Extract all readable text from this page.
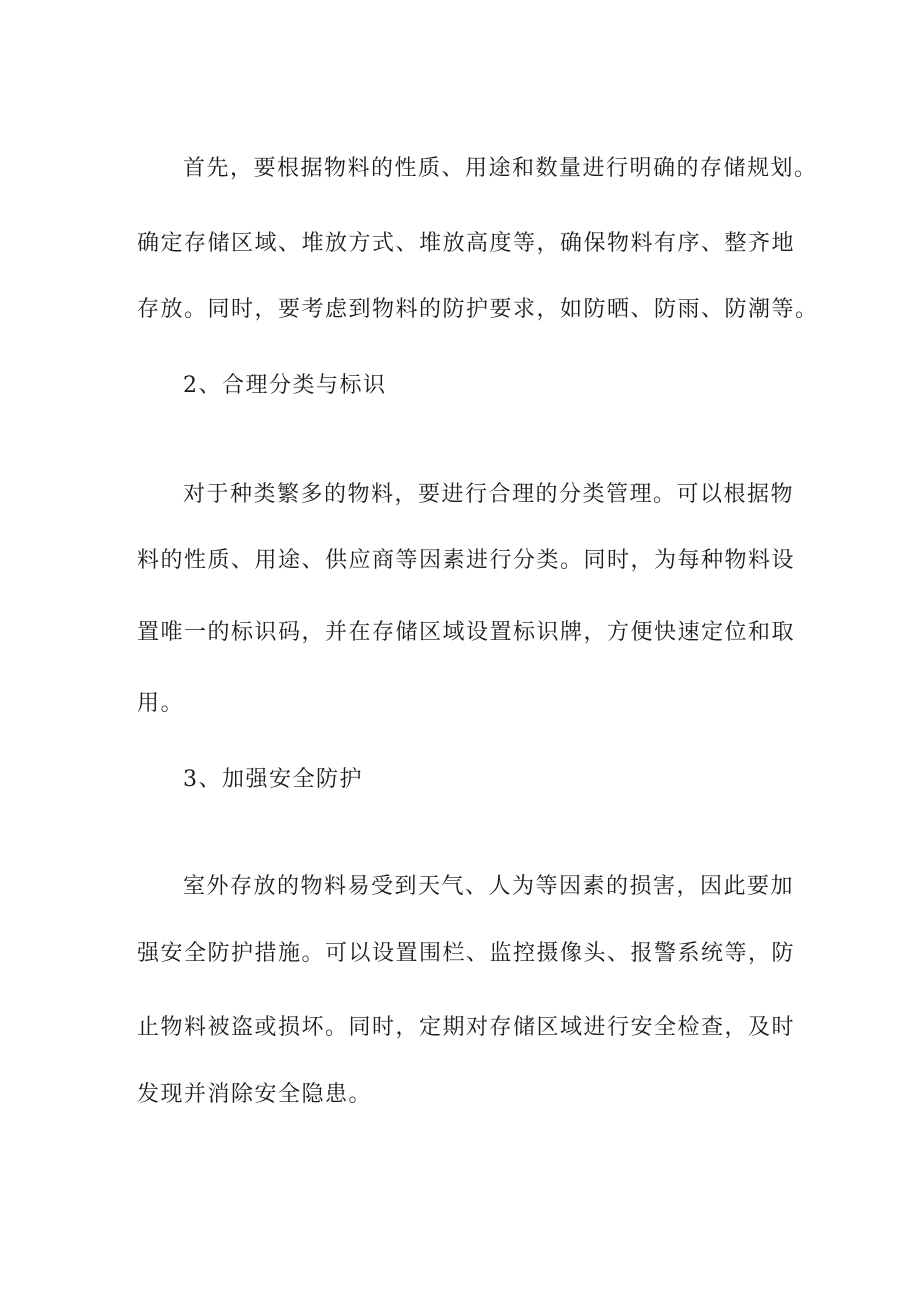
首先，要根据物料的性质、用途和数量进行明确的存储规划。
确定存储区域、堆放方式、堆放高度等，确保物料有序、整齐地
存放。同时，要考虑到物料的防护要求，如防晒、防雨、防潮等。
2、合理分类与标识
对于种类繁多的物料，要进行合理的分类管理。可以根据物
料的性质、用途、供应商等因素进行分类。同时，为每种物料设
置唯一的标识码，并在存储区域设置标识牌，方便快速定位和取
用。
3、加强安全防护
室外存放的物料易受到天气、人为等因素的损害，因此要加
强安全防护措施。可以设置围栏、监控摄像头、报警系统等，防
止物料被盗或损坏。同时，定期对存储区域进行安全检查，及时
发现并消除安全隐患。
